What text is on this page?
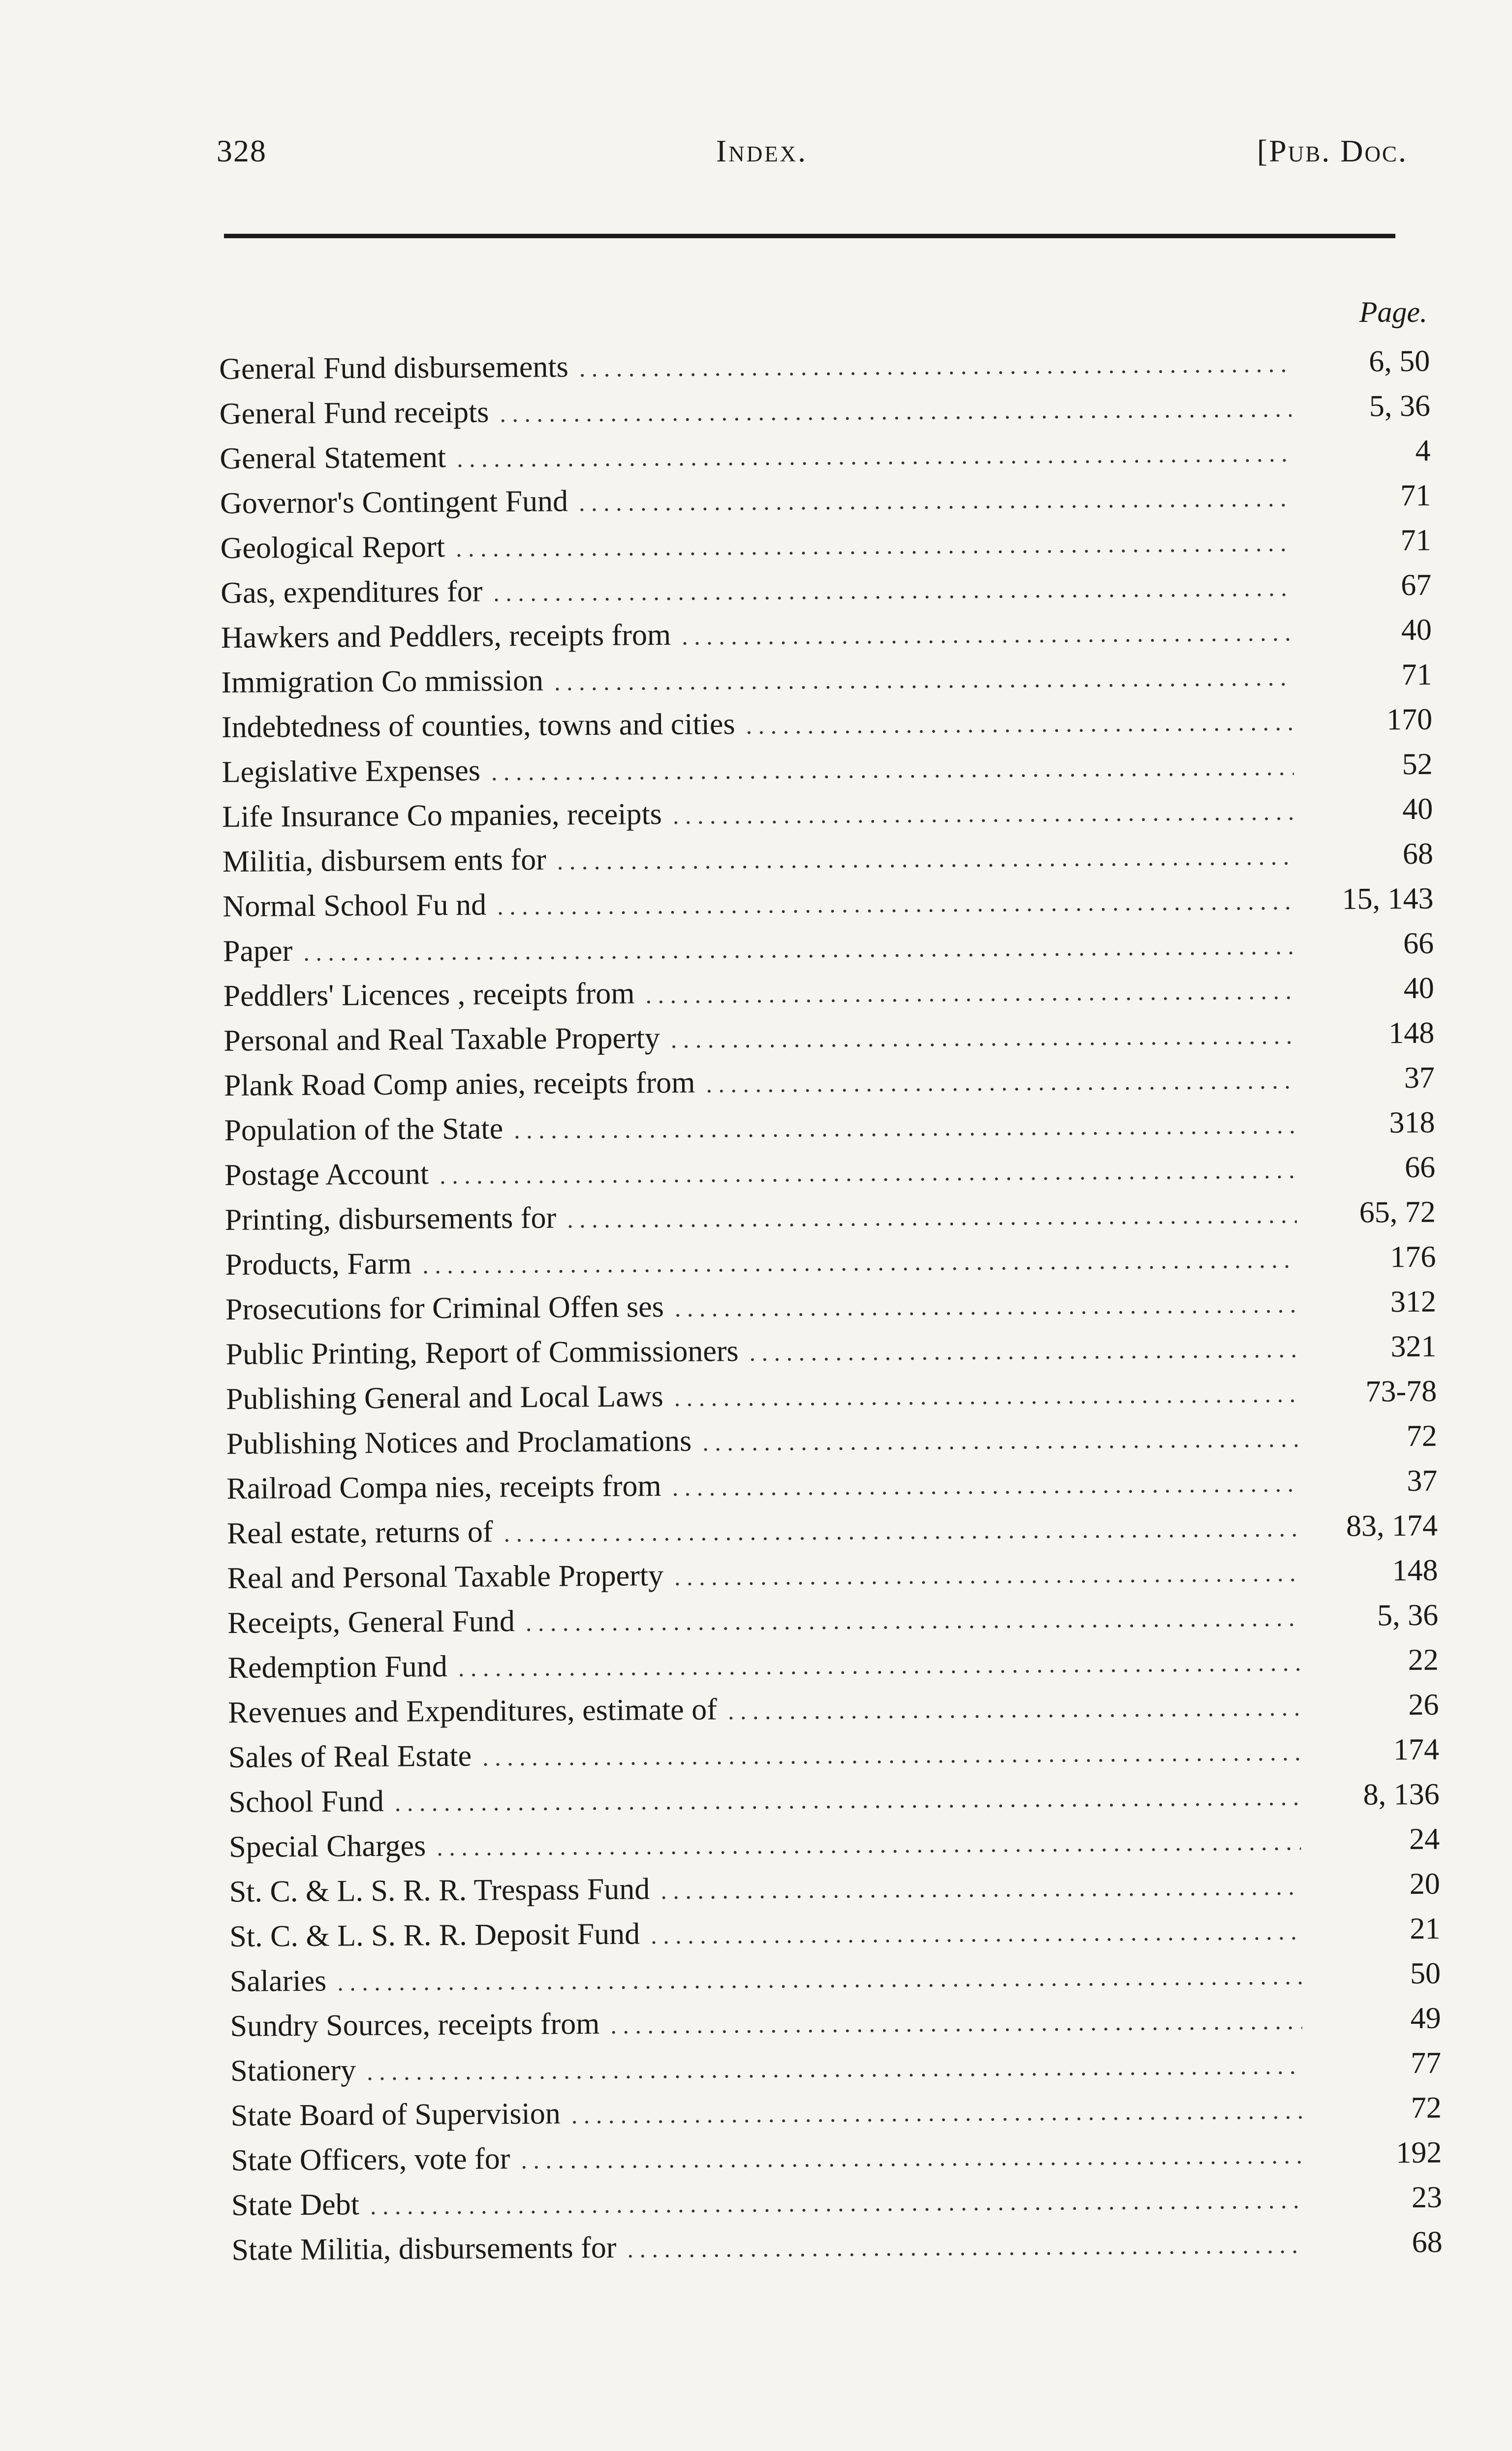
328	Index.	[Pub. Doc.
Page.
General Fund disbursements . . .	6, 50
General Fund receipts . . .	5, 36
General Statement . . .	4
Governor's Contingent Fund . . .	71
Geological Report . . .	71
Gas, expenditures for . . .	67
Hawkers and Peddlers, receipts from . . .	40
Immigration Co mmission . . .	71
Indebtedness of counties, towns and cities . . .	170
Legislative Expenses . . .	52
Life Insurance Co mpanies, receipts . . .	40
Militia, disbursem ents for . . .	68
Normal School Fu nd . . .	15, 143
Paper . . .	66
Peddlers' Licences , receipts from . . .	40
Personal and Real Taxable Property . . .	148
Plank Road Comp anies, receipts from . . .	37
Population of the State . . .	318
Postage Account . . .	66
Printing, disbursements for . . .	65, 72
Products, Farm . . .	176
Prosecutions for Criminal Offen ses . . .	312
Public Printing, Report of Commissioners . . .	321
Publishing General and Local Laws . . .	73-78
Publishing Notices and Proclamations . . .	72
Railroad Compa nies, receipts from . . .	37
Real estate, returns of . . .	83, 174
Real and Personal Taxable Property . . .	148
Receipts, General Fund . . .	5, 36
Redemption Fund . . .	22
Revenues and Expenditures, estimate of . . .	26
Sales of Real Estate . . .	174
School Fund . . .	8, 136
Special Charges . . .	24
St. C. & L. S. R. R. Trespass Fund . . .	20
St. C. & L. S. R. R. Deposit Fund . . .	21
Salaries . . .	50
Sundry Sources, receipts from . . .	49
Stationery . . .	77
State Board of Supervision . . .	72
State Officers, vote for . . .	192
State Debt . . .	23
State Militia, disbursements for . . .	68
